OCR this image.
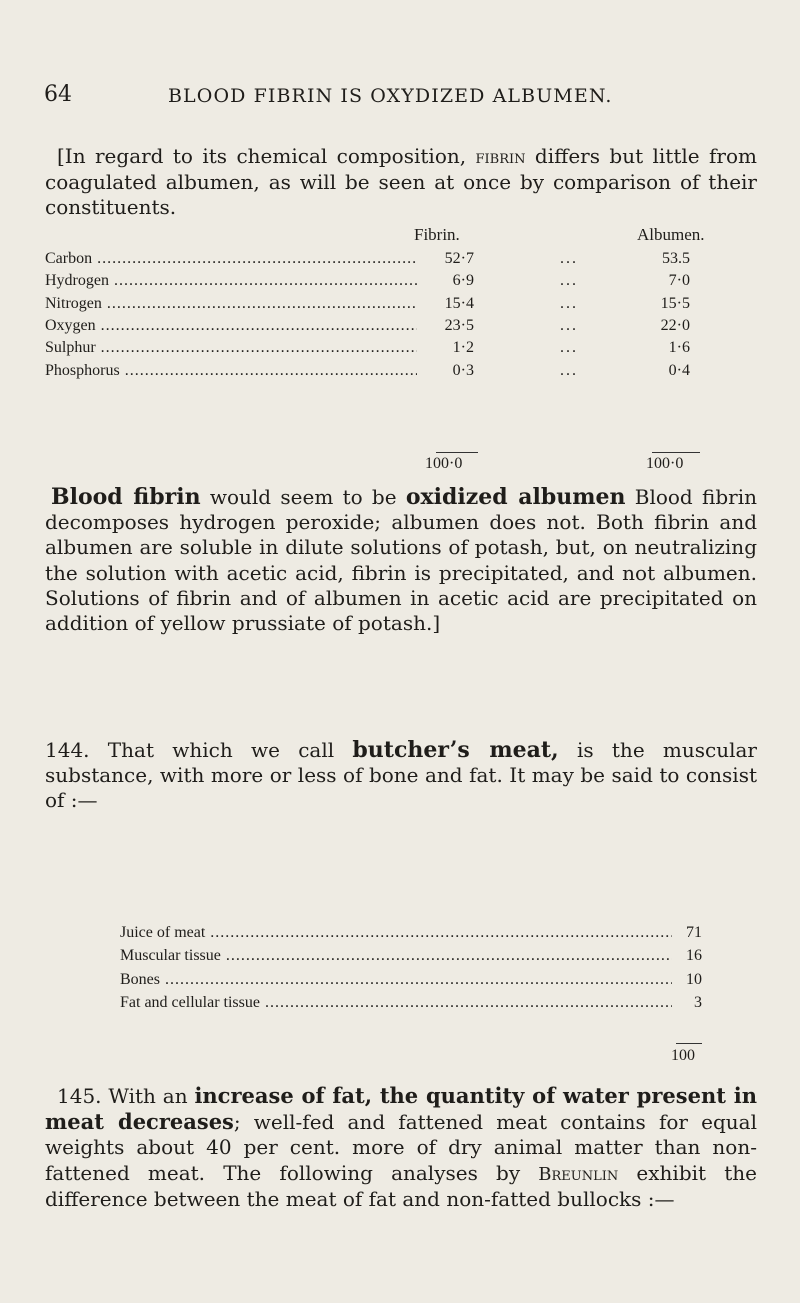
64	BLOOD FIBRIN IS OXYDIZED ALBUMEN.

[In regard to its chemical composition, fibrin differs but little from coagulated albumen, as will be seen at once by comparison of their constituents.

Fibrin.	Albumen.
Carbon .....	52·7	...	53.5
Hydrogen .....	6·9	...	7·0
Nitrogen .....	15·4	...	15·5
Oxygen .....	23·5	...	22·0
Sulphur .....	1·2	...	1·6
Phosphorus .....	0·3	...	0·4
100·0	100·0

Blood fibrin would seem to be oxidized albumen Blood fibrin decomposes hydrogen peroxide; albumen does not. Both fibrin and albumen are soluble in dilute solutions of potash, but, on neutralizing the solution with acetic acid, fibrin is precipitated, and not albumen. Solutions of fibrin and of albumen in acetic acid are precipitated on addition of yellow prussiate of potash.]

144. That which we call butcher’s meat, is the muscular substance, with more or less of bone and fat. It may be said to consist of :—

Juice of meat .....	71
Muscular tissue .....	16
Bones .....	10
Fat and cellular tissue .....	3
100

145. With an increase of fat, the quantity of water present in meat decreases; well-fed and fattened meat contains for equal weights about 40 per cent. more of dry animal matter than non-fattened meat. The following analyses by Breunlin exhibit the difference between the meat of fat and non-fatted bullocks :—
